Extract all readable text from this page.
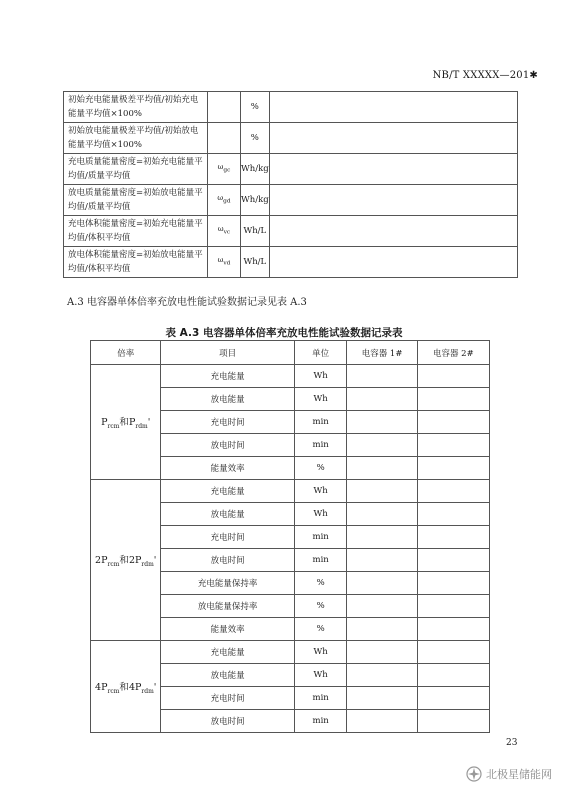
NB/T XXXXX—201✱
初始充电能量极差平均值/初始充电能量平均值×100%		%	
初始放电能量极差平均值/初始放电能量平均值×100%		%	
充电质量能量密度=初始充电能量平均值/质量平均值	$\omega_{gc}$	Wh/kg	
放电质量能量密度=初始放电能量平均值/质量平均值	$\omega_{gd}$	Wh/kg	
充电体积能量密度=初始充电能量平均值/体积平均值	$\omega_{vc}$	Wh/L	
放电体积能量密度=初始放电能量平均值/体积平均值	$\omega_{vd}$	Wh/L	
A.3 电容器单体倍率充放电性能试验数据记录见表 A.3
表 A.3 电容器单体倍率充放电性能试验数据记录表
倍率	项目	单位	电容器 1#	电容器 2#
$P_{rcm}$和$P_{rdm}'$	充电能量	Wh		
	放电能量	Wh		
	充电时间	min		
	放电时间	min		
	能量效率	%		
$2P_{rcm}$和$2P_{rdm}'$	充电能量	Wh		
	放电能量	Wh		
	充电时间	min		
	放电时间	min		
	充电能量保持率	%		
	放电能量保持率	%		
	能量效率	%		
$4P_{rcm}$和$4P_{rdm}'$	充电能量	Wh		
	放电能量	Wh		
	充电时间	min		
	放电时间	min		
23
北极星储能网
